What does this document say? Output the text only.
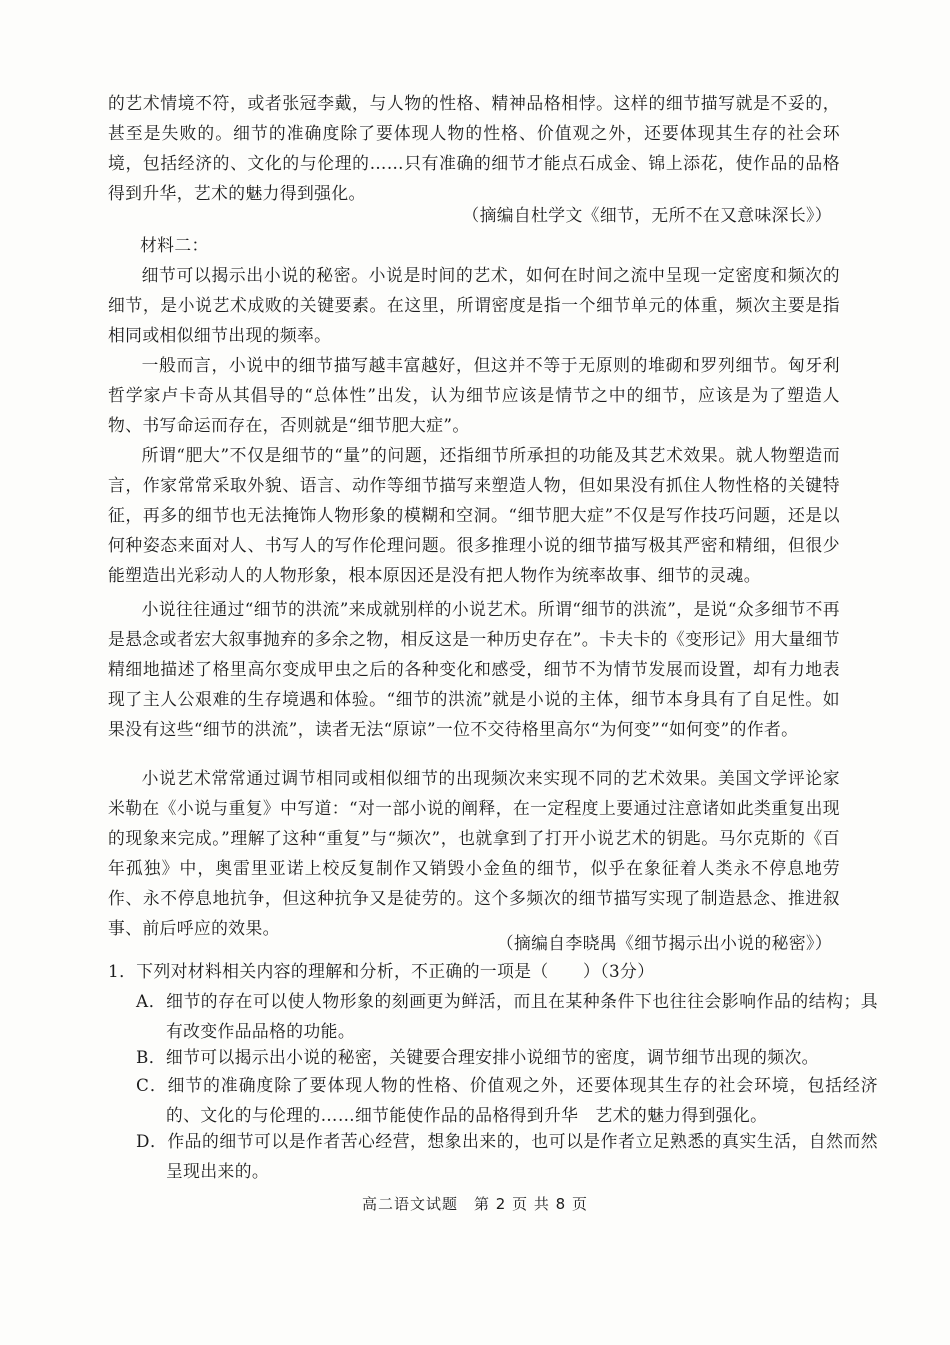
的艺术情境不符，或者张冠李戴，与人物的性格、精神品格相悖。这样的细节描写就是不妥的，甚至是失败的。细节的准确度除了要体现人物的性格、价值观之外，还要体现其生存的社会环境，包括经济的、文化的与伦理的……只有准确的细节才能点石成金、锦上添花，使作品的品格得到升华，艺术的魅力得到强化。

（摘编自杜学文《细节，无所不在又意味深长》）

材料二：

细节可以揭示出小说的秘密。小说是时间的艺术，如何在时间之流中呈现一定密度和频次的细节，是小说艺术成败的关键要素。在这里，所谓密度是指一个细节单元的体重，频次主要是指相同或相似细节出现的频率。

一般而言，小说中的细节描写越丰富越好，但这并不等于无原则的堆砌和罗列细节。匈牙利哲学家卢卡奇从其倡导的“总体性”出发，认为细节应该是情节之中的细节，应该是为了塑造人物、书写命运而存在，否则就是“细节肥大症”。

所谓“肥大”不仅是细节的“量”的问题，还指细节所承担的功能及其艺术效果。就人物塑造而言，作家常常采取外貌、语言、动作等细节描写来塑造人物，但如果没有抓住人物性格的关键特征，再多的细节也无法掩饰人物形象的模糊和空洞。“细节肥大症”不仅是写作技巧问题，还是以何种姿态来面对人、书写人的写作伦理问题。很多推理小说的细节描写极其严密和精细，但很少能塑造出光彩动人的人物形象，根本原因还是没有把人物作为统率故事、细节的灵魂。

小说往往通过“细节的洪流”来成就别样的小说艺术。所谓“细节的洪流”，是说“众多细节不再是悬念或者宏大叙事抛弃的多余之物，相反这是一种历史存在”。卡夫卡的《变形记》用大量细节精细地描述了格里高尔变成甲虫之后的各种变化和感受，细节不为情节发展而设置，却有力地表现了主人公艰难的生存境遇和体验。“细节的洪流”就是小说的主体，细节本身具有了自足性。如果没有这些“细节的洪流”，读者无法“原谅”一位不交待格里高尔“为何变”“如何变”的作者。

小说艺术常常通过调节相同或相似细节的出现频次来实现不同的艺术效果。美国文学评论家米勒在《小说与重复》中写道：“对一部小说的阐释，在一定程度上要通过注意诸如此类重复出现的现象来完成。”理解了这种“重复”与“频次”，也就拿到了打开小说艺术的钥匙。马尔克斯的《百年孤独》中，奥雷里亚诺上校反复制作又销毁小金鱼的细节，似乎在象征着人类永不停息地劳作、永不停息地抗争，但这种抗争又是徒劳的。这个多频次的细节描写实现了制造悬念、推进叙事、前后呼应的效果。

（摘编自李晓禺《细节揭示出小说的秘密》）

1．下列对材料相关内容的理解和分析，不正确的一项是（　　）（3分）

A．细节的存在可以使人物形象的刻画更为鲜活，而且在某种条件下也往往会影响作品的结构；具有改变作品品格的功能。

B．细节可以揭示出小说的秘密，关键要合理安排小说细节的密度，调节细节出现的频次。

C．细节的准确度除了要体现人物的性格、价值观之外，还要体现其生存的社会环境，包括经济的、文化的与伦理的……细节能使作品的品格得到升华　艺术的魅力得到强化。

D．作品的细节可以是作者苦心经营，想象出来的，也可以是作者立足熟悉的真实生活，自然而然呈现出来的。

高二语文试题　第 2 页 共 8 页
